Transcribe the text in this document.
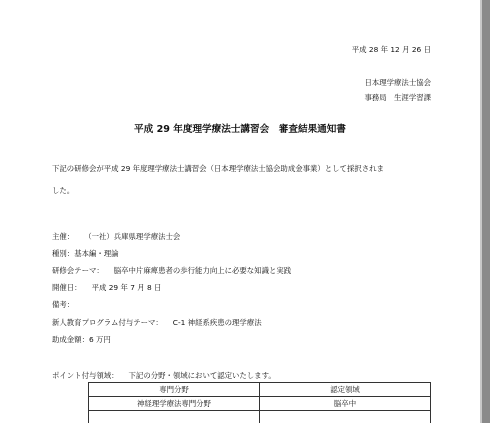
平成 28 年 12 月 26 日
日本理学療法士協会
事務局　生涯学習課
平成 29 年度理学療法士講習会　審査結果通知書
下記の研修会が平成 29 年度理学療法士講習会（日本理学療法士協会助成金事業）として採択されま
した。
主催： （一社）兵庫県理学療法士会
種別：基本編・理論
研修会テーマ： 脳卒中片麻痺患者の歩行能力向上に必要な知識と実践
開催日： 平成 29 年 7 月 8 日
備考：
新人教育プログラム付与テーマ： C-1 神経系疾患の理学療法
助成金額：6 万円
ポイント付与領域： 下記の分野・領域において認定いたします。
専門分野	認定領域
神経理学療法専門分野	脳卒中
